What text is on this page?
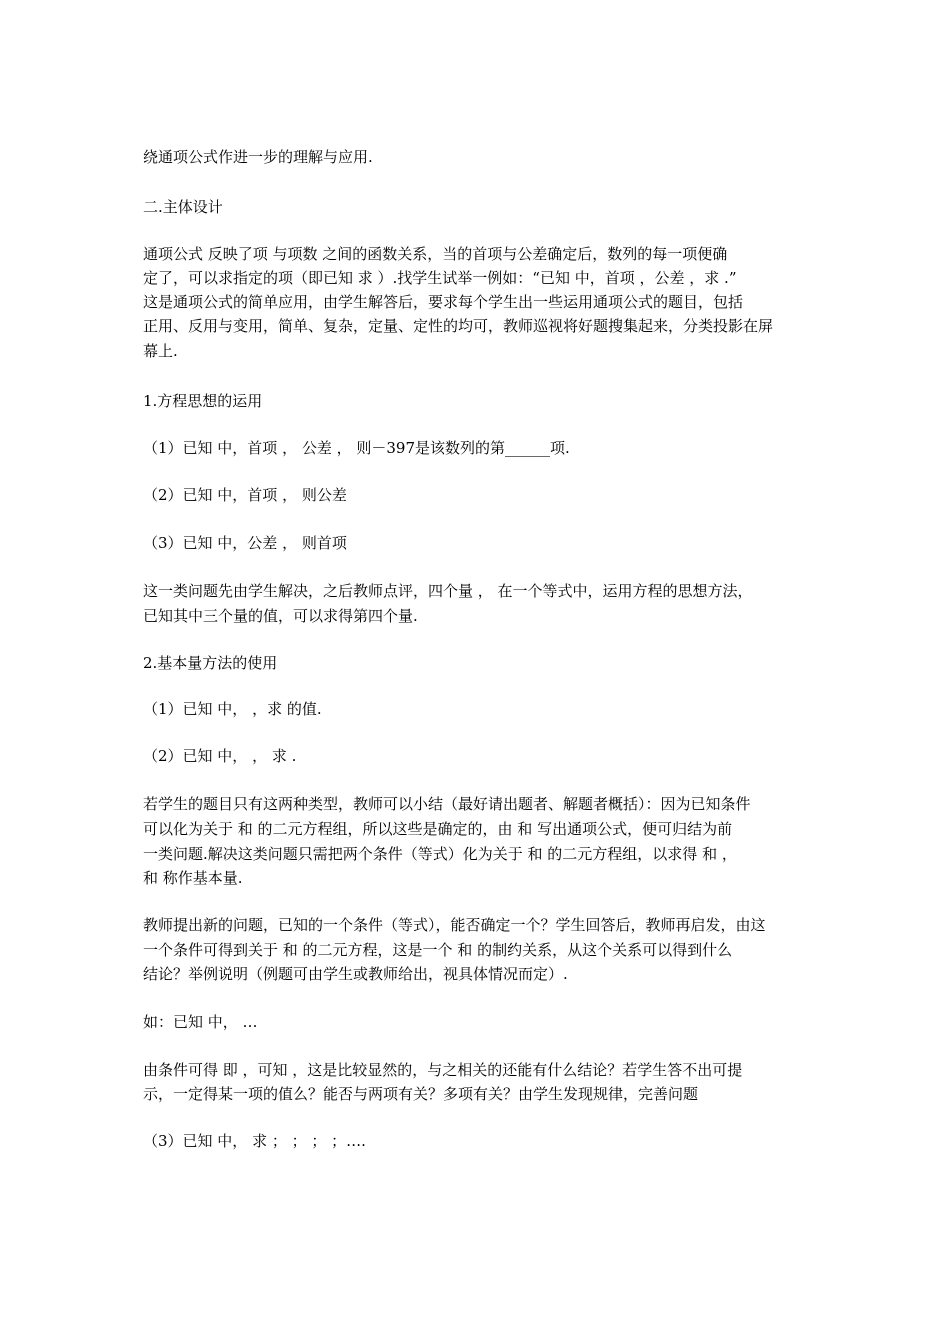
绕通项公式作进一步的理解与应用.
二.主体设计
通项公式 反映了项 与项数 之间的函数关系，当的首项与公差确定后，数列的每一项便确
定了，可以求指定的项（即已知 求 ）.找学生试举一例如：“已知 中，首项 ，公差 ，求 .”
这是通项公式的简单应用，由学生解答后，要求每个学生出一些运用通项公式的题目，包括
正用、反用与变用，简单、复杂，定量、定性的均可，教师巡视将好题搜集起来，分类投影在屏
幕上.
1.方程思想的运用
（1）已知 中，首项 ， 公差 ， 则－397是该数列的第______项.
（2）已知 中，首项 ， 则公差
（3）已知 中，公差 ， 则首项
这一类问题先由学生解决，之后教师点评，四个量 ， 在一个等式中，运用方程的思想方法，
已知其中三个量的值，可以求得第四个量.
2.基本量方法的使用
（1）已知 中， ，求 的值.
（2）已知 中， ， 求 .
若学生的题目只有这两种类型，教师可以小结（最好请出题者、解题者概括）：因为已知条件
可以化为关于 和 的二元方程组，所以这些是确定的，由 和 写出通项公式，便可归结为前
一类问题.解决这类问题只需把两个条件（等式）化为关于 和 的二元方程组，以求得 和 ，
和 称作基本量.
教师提出新的问题，已知的一个条件（等式），能否确定一个？学生回答后，教师再启发，由这
一个条件可得到关于 和 的二元方程，这是一个 和 的制约关系，从这个关系可以得到什么
结论？举例说明（例题可由学生或教师给出，视具体情况而定）.
如：已知 中， …
由条件可得 即 ，可知 ，这是比较显然的，与之相关的还能有什么结论？若学生答不出可提
示，一定得某一项的值么？能否与两项有关？多项有关？由学生发现规律，完善问题
（3）已知 中， 求 ； ； ； ；….
